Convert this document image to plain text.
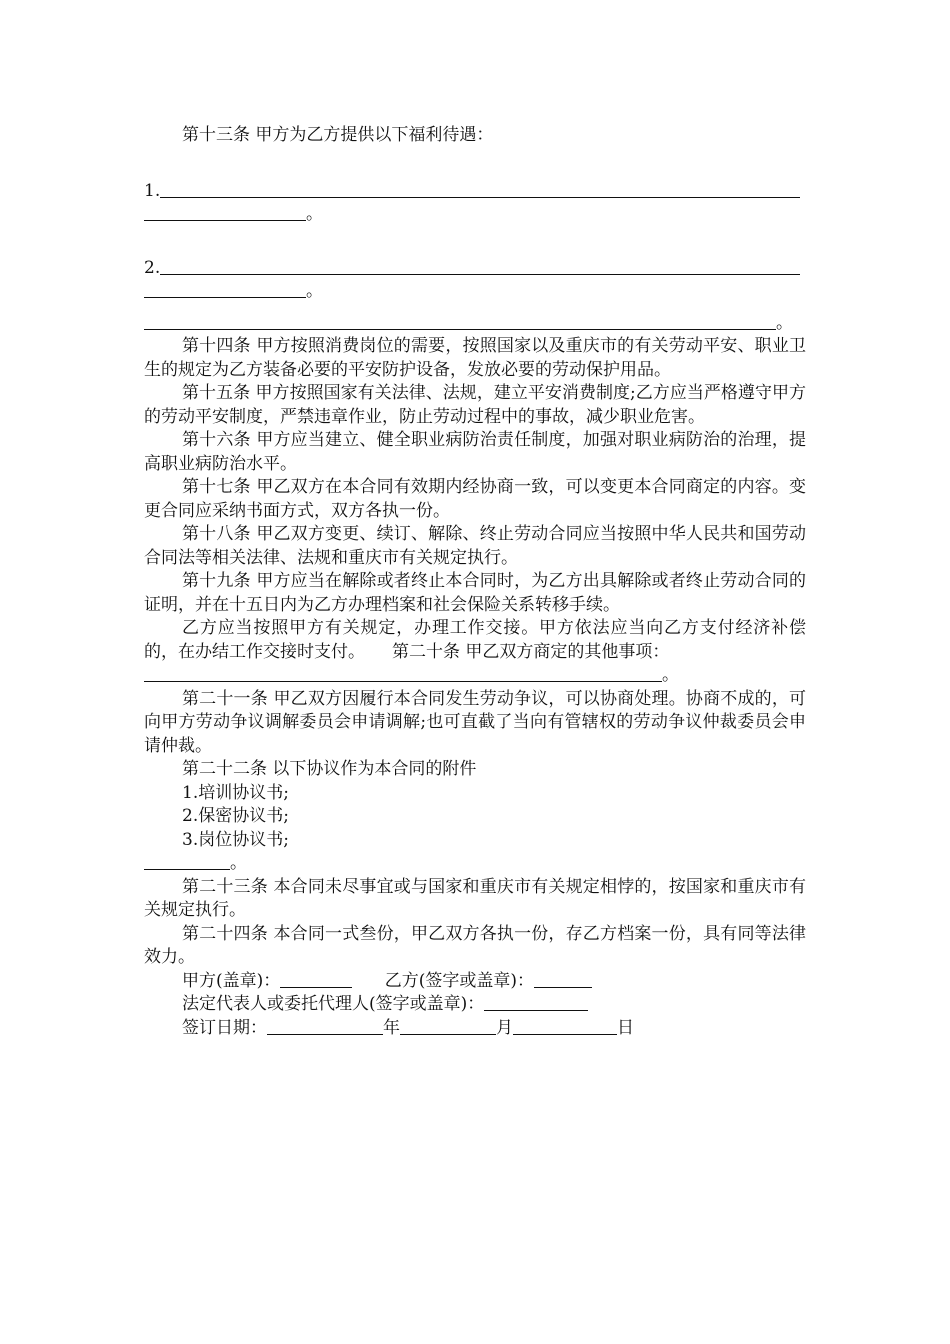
第十三条 甲方为乙方提供以下福利待遇：

1.

。

2.

。

。

第十四条 甲方按照消费岗位的需要，按照国家以及重庆市的有关劳动平安、职业卫生的规定为乙方装备必要的平安防护设备，发放必要的劳动保护用品。

第十五条 甲方按照国家有关法律、法规，建立平安消费制度;乙方应当严格遵守甲方的劳动平安制度，严禁违章作业，防止劳动过程中的事故，减少职业危害。

第十六条 甲方应当建立、健全职业病防治责任制度，加强对职业病防治的治理，提高职业病防治水平。

第十七条 甲乙双方在本合同有效期内经协商一致，可以变更本合同商定的内容。变更合同应采纳书面方式，双方各执一份。

第十八条 甲乙双方变更、续订、解除、终止劳动合同应当按照中华人民共和国劳动合同法等相关法律、法规和重庆市有关规定执行。

第十九条 甲方应当在解除或者终止本合同时，为乙方出具解除或者终止劳动合同的证明，并在十五日内为乙方办理档案和社会保险关系转移手续。

乙方应当按照甲方有关规定，办理工作交接。甲方依法应当向乙方支付经济补偿的，在办结工作交接时支付。 第二十条 甲乙双方商定的其他事项：

。

第二十一条 甲乙双方因履行本合同发生劳动争议，可以协商处理。协商不成的，可向甲方劳动争议调解委员会申请调解;也可直截了当向有管辖权的劳动争议仲裁委员会申请仲裁。

第二十二条 以下协议作为本合同的附件

1.培训协议书;

2.保密协议书;

3.岗位协议书;

。

第二十三条 本合同未尽事宜或与国家和重庆市有关规定相悖的，按国家和重庆市有关规定执行。

第二十四条 本合同一式叁份，甲乙双方各执一份，存乙方档案一份，具有同等法律效力。

甲方(盖章)：	乙方(签字或盖章)：

法定代表人或委托代理人(签字或盖章)：

签订日期：	年	月	日
